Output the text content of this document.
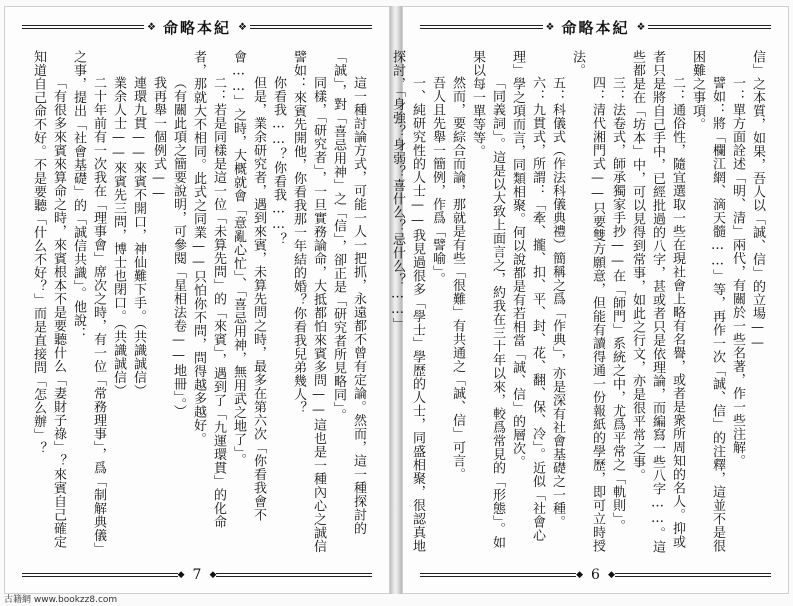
❖ 命略本紀 ❖

這一種討論方式，可能一人一把抓，永遠都不曾有定論。然而，這一種探討的「誠」，對「喜忌用神」之「信」，卻正是「研究者所見略同」。

同樣，「研究者」，一旦實務論命，大抵都怕來賓多問——這也是一種內心之誠信譬如：來賓先開他，你看我那一年結的婚？你看我兒弟幾人？

你看我……？你看我……？

但是，業余研究者，遇到來賓，未算先問之時，最多在第六次「你看我會不會……」之時，大概就會「意亂心忙」、「喜忌用神，無用武之地了」。

二：若是同樣是這一位「未算先問」的「來賓」，遇到了「九運環貫」的化命者，那就大不相同。此式之同業——只怕你不問，問得越多越好。

（有關此項之簡要說明，可參閱「星相法卷——地冊」。）

我再舉一個例式——

連環九貫——來賓不開口，神仙難下手。（共識誠信）

業余人士——來賓先三問，博士也閉口。（共識誠信）

二十年前有一次我在「理事會」席次之時，有一位「常務理事」，爲「制解典儀」之事，提出「社會基礎」的「誠信共識」。他說：

「有很多來賓來算命之時，來賓根本不是要聽什么「妻財子祿」？來賓自己確定知道自己命不好。不是要聽「什么不好？」而是直接問「怎么辦」？

◆ 7 ◆
❖ 命略本紀 ❖

信」之本質，如果，吾人以「誠、信」的立場——

一：單方面詮述「明、清」兩代，有關於一些名著，作一些注解。

譬如：將「欄江網、滴天髓……」等，再作一次「誠、信」的注釋，這並不是很困難之事項。

二：通俗性，隨宜選取一些在現社會上略有名譽，或者是衆所周知的名人。抑或者只是將自己手中，已經批過的八字，甚或者只是依理論，而編寫一些八字……。這些都是在「坊本」中，可以見得到常事，如此之行文，亦是很平常之事。

三：法卷式，師承獨家手抄——在「師門」系統之中，尤爲平常之「軌則」。

四：清代湘門式——只要雙方願意，但能有讀得通一份報紙的學歷，即可立時授法。

五：科儀式（作法科儀典禮）簡稱之爲「作典」，亦是深有社會基礎之一種。

六：九貫式，所謂：「牽、攏、扣、平、封、花、翻、保、冷」。近似「社會心理」學之項而言，同類相聚。何以說都是有若相當「誠、信」的層次。

「同義詞」。這是以大致上面言之，約我在三十年以來，較爲常見的「形態」。如果以每一單等等。

然而，要綜合而論，那就是有些「很難」有共通之「誠、信」可言。

吾人且先舉一簡例，作爲「譬喻」。

一、純研究性的人士——我見過很多「學士」學歷的人士，同盛相聚，很認真地探討，「身強？身弱？喜什么？忌什么？……」

◆ 6 ◆
古籍網 www.bookzz8.com
